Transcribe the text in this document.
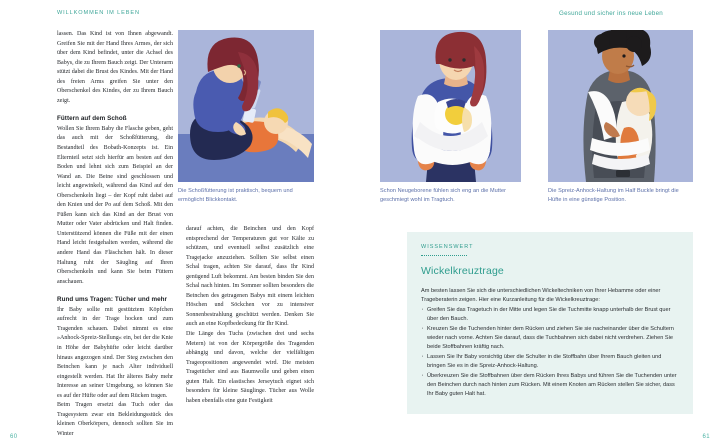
WILLKOMMEN IM LEBEN	Gesund und sicher ins neue Leben
60	61

lassen. Das Kind ist von Ihnen abgewandt. Greifen Sie mit der Hand Ihres Armes, der sich über dem Kind befindet, unter die Achsel des Babys, die zu Ihrem Bauch zeigt. Der Unterarm stützt dabei die Brust des Kindes. Mit der Hand des freien Arms greifen Sie unter den Oberschenkel des Kindes, der zu Ihrem Bauch zeigt.

Füttern auf dem Schoß

Wollen Sie Ihrem Baby die Flasche geben, geht das auch mit der Schoßfütterung, die Bestandteil des Bobath-Konzepts ist. Ein Elternteil setzt sich hierfür am besten auf den Boden und lehnt sich zum Beispiel an der Wand an. Die Beine sind geschlossen und leicht angewinkelt, während das Kind auf den Oberschenkeln liegt – der Kopf ruht dabei auf den Knien und der Po auf dem Schoß. Mit den Füßen kann sich das Kind an der Brust von Mutter oder Vater abdrücken und Halt finden. Unterstützend können die Füße mit der einen Hand leicht festgehalten werden, während die andere Hand das Fläschchen hält. In dieser Haltung ruht der Säugling auf Ihren Oberschenkeln und kann Sie beim Füttern anschauen.

Rund ums Tragen: Tücher und mehr

Ihr Baby sollte mit gestütztem Köpfchen aufrecht in der Trage hocken und zum Tragenden schauen. Dabei nimmt es eine »Anhock-Spreiz-Stellung« ein, bei der die Knie in Höhe der Babyhüfte oder leicht darüber hinaus angezogen sind. Der Steg zwischen den Beinchen kann je nach Alter individuell eingestellt werden. Hat Ihr älteres Baby mehr Interesse an seiner Umgebung, so können Sie es auf der Hüfte oder auf dem Rücken tragen.

Beim Tragen ersetzt das Tuch oder das Tragesystem zwar ein Bekleidungsstück des kleinen Oberkörpers, dennoch sollten Sie im Winter

darauf achten, die Beinchen und den Kopf entsprechend der Temperaturen gut vor Kälte zu schützen, und eventuell selbst zusätzlich eine Tragejacke anzuziehen. Sollten Sie selbst einen Schal tragen, achten Sie darauf, dass Ihr Kind genügend Luft bekommt. Am besten binden Sie den Schal nach hinten. Im Sommer sollten besonders die Beinchen des getragenen Babys mit einem leichten Höschen und Söckchen vor zu intensiver Sonnenbestrahlung geschützt werden. Denken Sie auch an eine Kopfbedeckung für Ihr Kind.

Die Länge des Tuchs (zwischen drei und sechs Metern) ist von der Körpergröße des Tragenden abhängig und davon, welche der vielfältigen Trageopositionen angewendet wird. Die meisten Tragetücher sind aus Baumwolle und geben einen guten Halt. Ein elastisches Jerseytuch eignet sich besonders für kleine Säuglinge. Tücher aus Wolle haben ebenfalls eine gute Festigkeit

Die Schoßfütterung ist praktisch, bequem und ermöglicht Blickkontakt.
Schon Neugeborene fühlen sich eng an die Mutter geschmiegt wohl im Tragtuch.
Die Spreiz-Anhock-Haltung im Half Buckle bringt die Hüfte in eine günstige Position.
WISSENSWERT
Wickelkreuztrage

Am besten lassen Sie sich die unterschiedlichen Wickeltechniken von Ihrer Hebamme oder einer Trageberaterin zeigen. Hier eine Kurzanleitung für die Wickelkreuztrage:

· Greifen Sie das Tragetuch in der Mitte und legen Sie die Tuchmitte knapp unterhalb der Brust quer über den Bauch.
· Kreuzen Sie die Tuchenden hinter dem Rücken und ziehen Sie sie nacheinander über die Schultern wieder nach vorne. Achten Sie darauf, dass die Tuchbahnen sich dabei nicht verdrehen. Ziehen Sie beide Stoffbahnen kräftig nach.
· Lassen Sie Ihr Baby vorsichtig über die Schulter in die Stoffbahn über Ihrem Bauch gleiten und bringen Sie es in die Spreiz-Anhock-Haltung.
· Überkreuzen Sie die Stoffbahnen über dem Rücken Ihres Babys und führen Sie die Tuchenden unter den Beinchen durch nach hinten zum Rücken. Mit einem Knoten am Rücken stellen Sie sicher, dass Ihr Baby guten Halt hat.
